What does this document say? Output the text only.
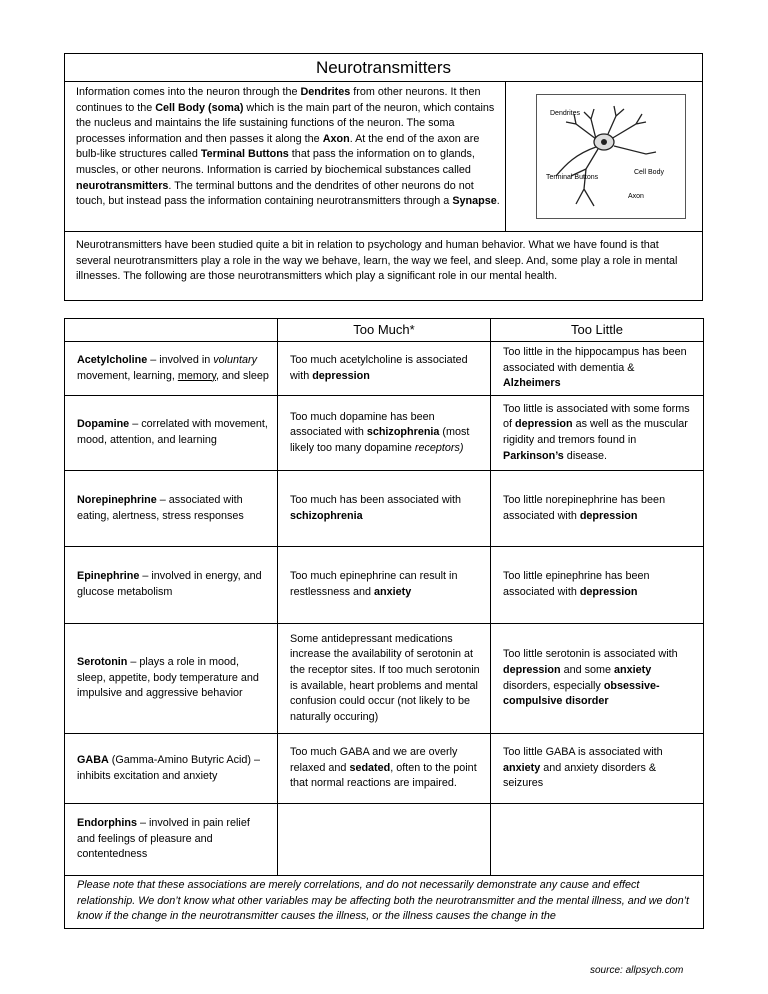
Neurotransmitters
Information comes into the neuron through the Dendrites from other neurons. It then continues to the Cell Body (soma) which is the main part of the neuron, which contains the nucleus and maintains the life sustaining functions of the neuron. The soma processes information and then passes it along the Axon. At the end of the axon are bulb-like structures called Terminal Buttons that pass the information on to glands, muscles, or other neurons. Information is carried by biochemical substances called neurotransmitters. The terminal buttons and the dendrites of other neurons do not touch, but instead pass the information containing neurotransmitters through a Synapse.
Dendrites
Cell Body
Terminal Buttons
Axon
Neurotransmitters have been studied quite a bit in relation to psychology and human behavior. What we have found is that several neurotransmitters play a role in the way we behave, learn, the way we feel, and sleep. And, some play a role in mental illnesses. The following are those neurotransmitters which play a significant role in our mental health.
	Too Much*	Too Little
Acetylcholine – involved in voluntary movement, learning, memory, and sleep	Too much acetylcholine is associated with depression	Too little in the hippocampus has been associated with dementia & Alzheimers
Dopamine – correlated with movement, mood, attention, and learning	Too much dopamine has been associated with schizophrenia (most likely too many dopamine receptors)	Too little is associated with some forms of depression as well as the muscular rigidity and tremors found in Parkinson’s disease.
Norepinephrine – associated with eating, alertness, stress responses	Too much has been associated with schizophrenia	Too little norepinephrine has been associated with depression
Epinephrine – involved in energy, and glucose metabolism	Too much epinephrine can result in restlessness and anxiety	Too little epinephrine has been associated with depression
Serotonin – plays a role in mood, sleep, appetite, body temperature and impulsive and aggressive behavior	Some antidepressant medications increase the availability of serotonin at the receptor sites. If too much serotonin is available, heart problems and mental confusion could occur (not likely to be naturally occuring)	Too little serotonin is associated with depression and some anxiety disorders, especially obsessive-compulsive disorder
GABA (Gamma-Amino Butyric Acid) – inhibits excitation and anxiety	Too much GABA and we are overly relaxed and sedated, often to the point that normal reactions are impaired.	Too little GABA is associated with anxiety and anxiety disorders & seizures
Endorphins – involved in pain relief and feelings of pleasure and contentedness		
Please note that these associations are merely correlations, and do not necessarily demonstrate any cause and effect relationship. We don’t know what other variables may be affecting both the neurotransmitter and the mental illness, and we don’t know if the change in the neurotransmitter causes the illness, or the illness causes the change in the		
source: allpsych.com
